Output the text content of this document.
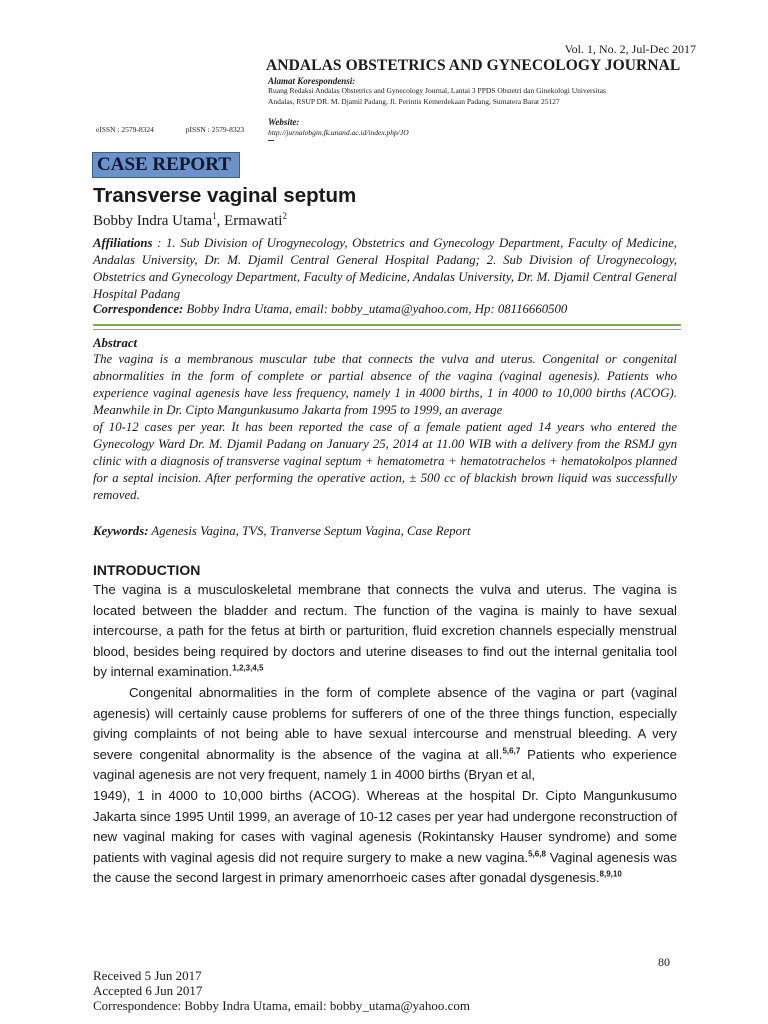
Vol. 1, No. 2, Jul-Dec 2017
ANDALAS OBSTETRICS AND GYNECOLOGY JOURNAL
Alamat Korespondensi:
Ruang Redaksi Andalas Obstetrics and Gynecology Journal, Lantai 3 PPDS Obstetri dan Ginekologi Universitas
Andalas, RSUP DR. M. Djamil Padang, Jl. Perintis Kemerdekaan Padang, Sumatera Barat 25127
eISSN : 2579-8324	pISSN : 2579-8323
Website:
http://jurnalobgin.fk.unand.ac.id/index.php/JO
CASE REPORT
Transverse vaginal septum
Bobby Indra Utama$^1$, Ermawati$^2$
Affiliations : 1. Sub Division of Urogynecology, Obstetrics and Gynecology Department, Faculty of Medicine, Andalas University, Dr. M. Djamil Central General Hospital Padang; 2. Sub Division of Urogynecology, Obstetrics and Gynecology Department, Faculty of Medicine, Andalas University, Dr. M. Djamil Central General Hospital Padang
Correspondence: Bobby Indra Utama, email: bobby_utama@yahoo.com, Hp: 08116660500
Abstract

The vagina is a membranous muscular tube that connects the vulva and uterus. Congenital or congenital abnormalities in the form of complete or partial absence of the vagina (vaginal agenesis). Patients who experience vaginal agenesis have less frequency, namely 1 in 4000 births, 1 in 4000 to 10,000 births (ACOG). Meanwhile in Dr. Cipto Mangunkusumo Jakarta from 1995 to 1999, an average

of 10-12 cases per year. It has been reported the case of a female patient aged 14 years who entered the Gynecology Ward Dr. M. Djamil Padang on January 25, 2014 at 11.00 WIB with a delivery from the RSMJ gyn clinic with a diagnosis of transverse vaginal septum + hematometra + hematotrachelos + hematokolpos planned for a septal incision. After performing the operative action, ± 500 cc of blackish brown liquid was successfully removed.

Keywords: Agenesis Vagina, TVS, Tranverse Septum Vagina, Case Report
INTRODUCTION

The vagina is a musculoskeletal membrane that connects the vulva and uterus. The vagina is located between the bladder and rectum. The function of the vagina is mainly to have sexual intercourse, a path for the fetus at birth or parturition, fluid excretion channels especially menstrual blood, besides being required by doctors and uterine diseases to find out the internal genitalia tool by internal examination.$^{1,2,3,4,5}$

Congenital abnormalities in the form of complete absence of the vagina or part (vaginal agenesis) will certainly cause problems for sufferers of one of the three things function, especially giving complaints of not being able to have sexual intercourse and menstrual bleeding. A very severe congenital abnormality is the absence of the vagina at all.$^{5,6,7}$ Patients who experience vaginal agenesis are not very frequent, namely 1 in 4000 births (Bryan et al,

1949), 1 in 4000 to 10,000 births (ACOG). Whereas at the hospital Dr. Cipto Mangunkusumo Jakarta since 1995 Until 1999, an average of 10-12 cases per year had undergone reconstruction of new vaginal making for cases with vaginal agenesis (Rokintansky Hauser syndrome) and some patients with vaginal agesis did not require surgery to make a new vagina.$^{5,6,8}$ Vaginal agenesis was the cause the second largest in primary amenorrhoeic cases after gonadal dysgenesis.$^{8,9,10}$

80
Received 5 Jun 2017
Accepted 6 Jun 2017
Correspondence: Bobby Indra Utama, email: bobby_utama@yahoo.com
